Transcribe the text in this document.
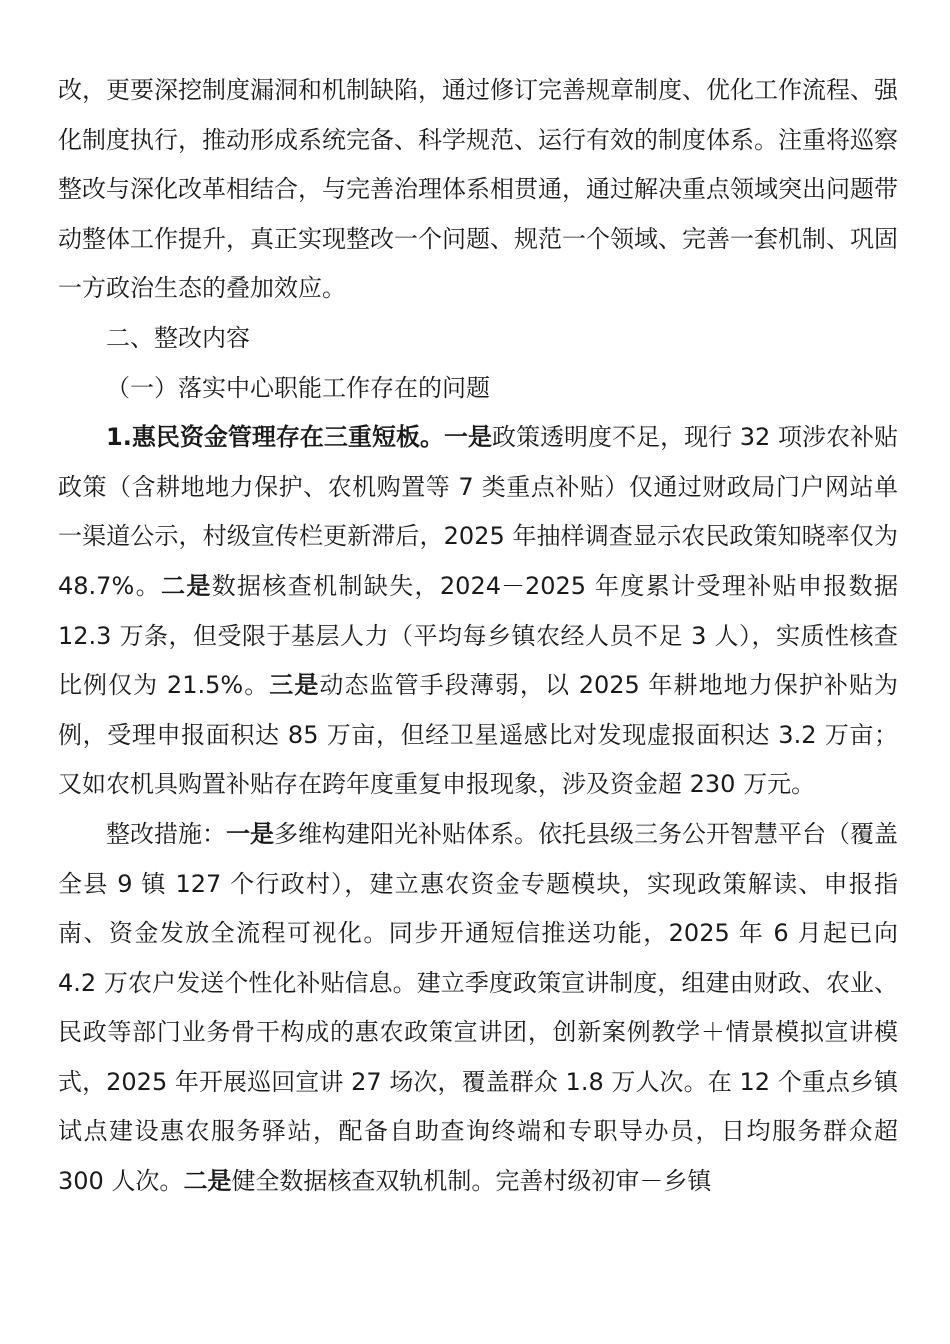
改，更要深挖制度漏洞和机制缺陷，通过修订完善规章制度、优化工作流程、强化制度执行，推动形成系统完备、科学规范、运行有效的制度体系。注重将巡察整改与深化改革相结合，与完善治理体系相贯通，通过解决重点领域突出问题带动整体工作提升，真正实现整改一个问题、规范一个领域、完善一套机制、巩固一方政治生态的叠加效应。

二、整改内容

（一）落实中心职能工作存在的问题

1.惠民资金管理存在三重短板。一是政策透明度不足，现行 32 项涉农补贴政策（含耕地地力保护、农机购置等 7 类重点补贴）仅通过财政局门户网站单一渠道公示，村级宣传栏更新滞后，2025 年抽样调查显示农民政策知晓率仅为 48.7%。二是数据核查机制缺失，2024－2025 年度累计受理补贴申报数据 12.3 万条，但受限于基层人力（平均每乡镇农经人员不足 3 人），实质性核查比例仅为 21.5%。三是动态监管手段薄弱，以 2025 年耕地地力保护补贴为例，受理申报面积达 85 万亩，但经卫星遥感比对发现虚报面积达 3.2 万亩；又如农机具购置补贴存在跨年度重复申报现象，涉及资金超 230 万元。

整改措施：一是多维构建阳光补贴体系。依托县级三务公开智慧平台（覆盖全县 9 镇 127 个行政村），建立惠农资金专题模块，实现政策解读、申报指南、资金发放全流程可视化。同步开通短信推送功能，2025 年 6 月起已向 4.2 万农户发送个性化补贴信息。建立季度政策宣讲制度，组建由财政、农业、民政等部门业务骨干构成的惠农政策宣讲团，创新案例教学＋情景模拟宣讲模式，2025 年开展巡回宣讲 27 场次，覆盖群众 1.8 万人次。在 12 个重点乡镇试点建设惠农服务驿站，配备自助查询终端和专职导办员，日均服务群众超 300 人次。二是健全数据核查双轨机制。完善村级初审－乡镇
